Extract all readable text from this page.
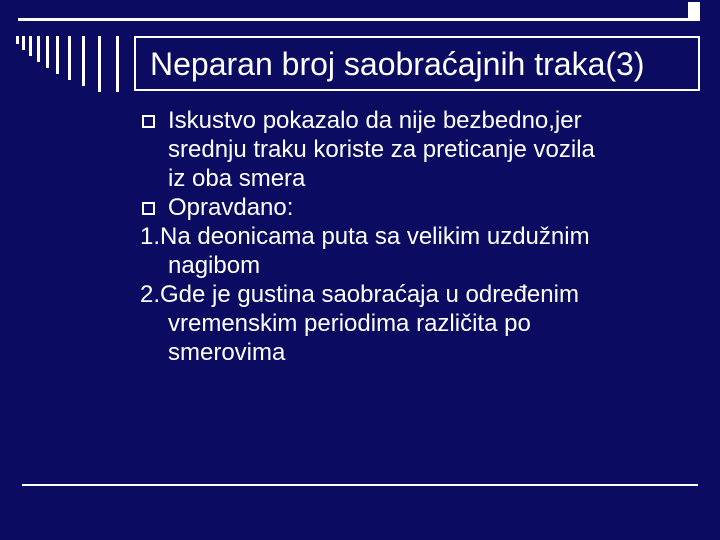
Neparan broj saobraćajnih traka(3)
Iskustvo pokazalo da nije bezbedno,jer
srednju traku koriste za preticanje vozila
iz oba smera
Opravdano:
1.Na deonicama puta sa velikim uzdužnim
nagibom
2.Gde je gustina saobraćaja u određenim
vremenskim periodima različita po
smerovima
